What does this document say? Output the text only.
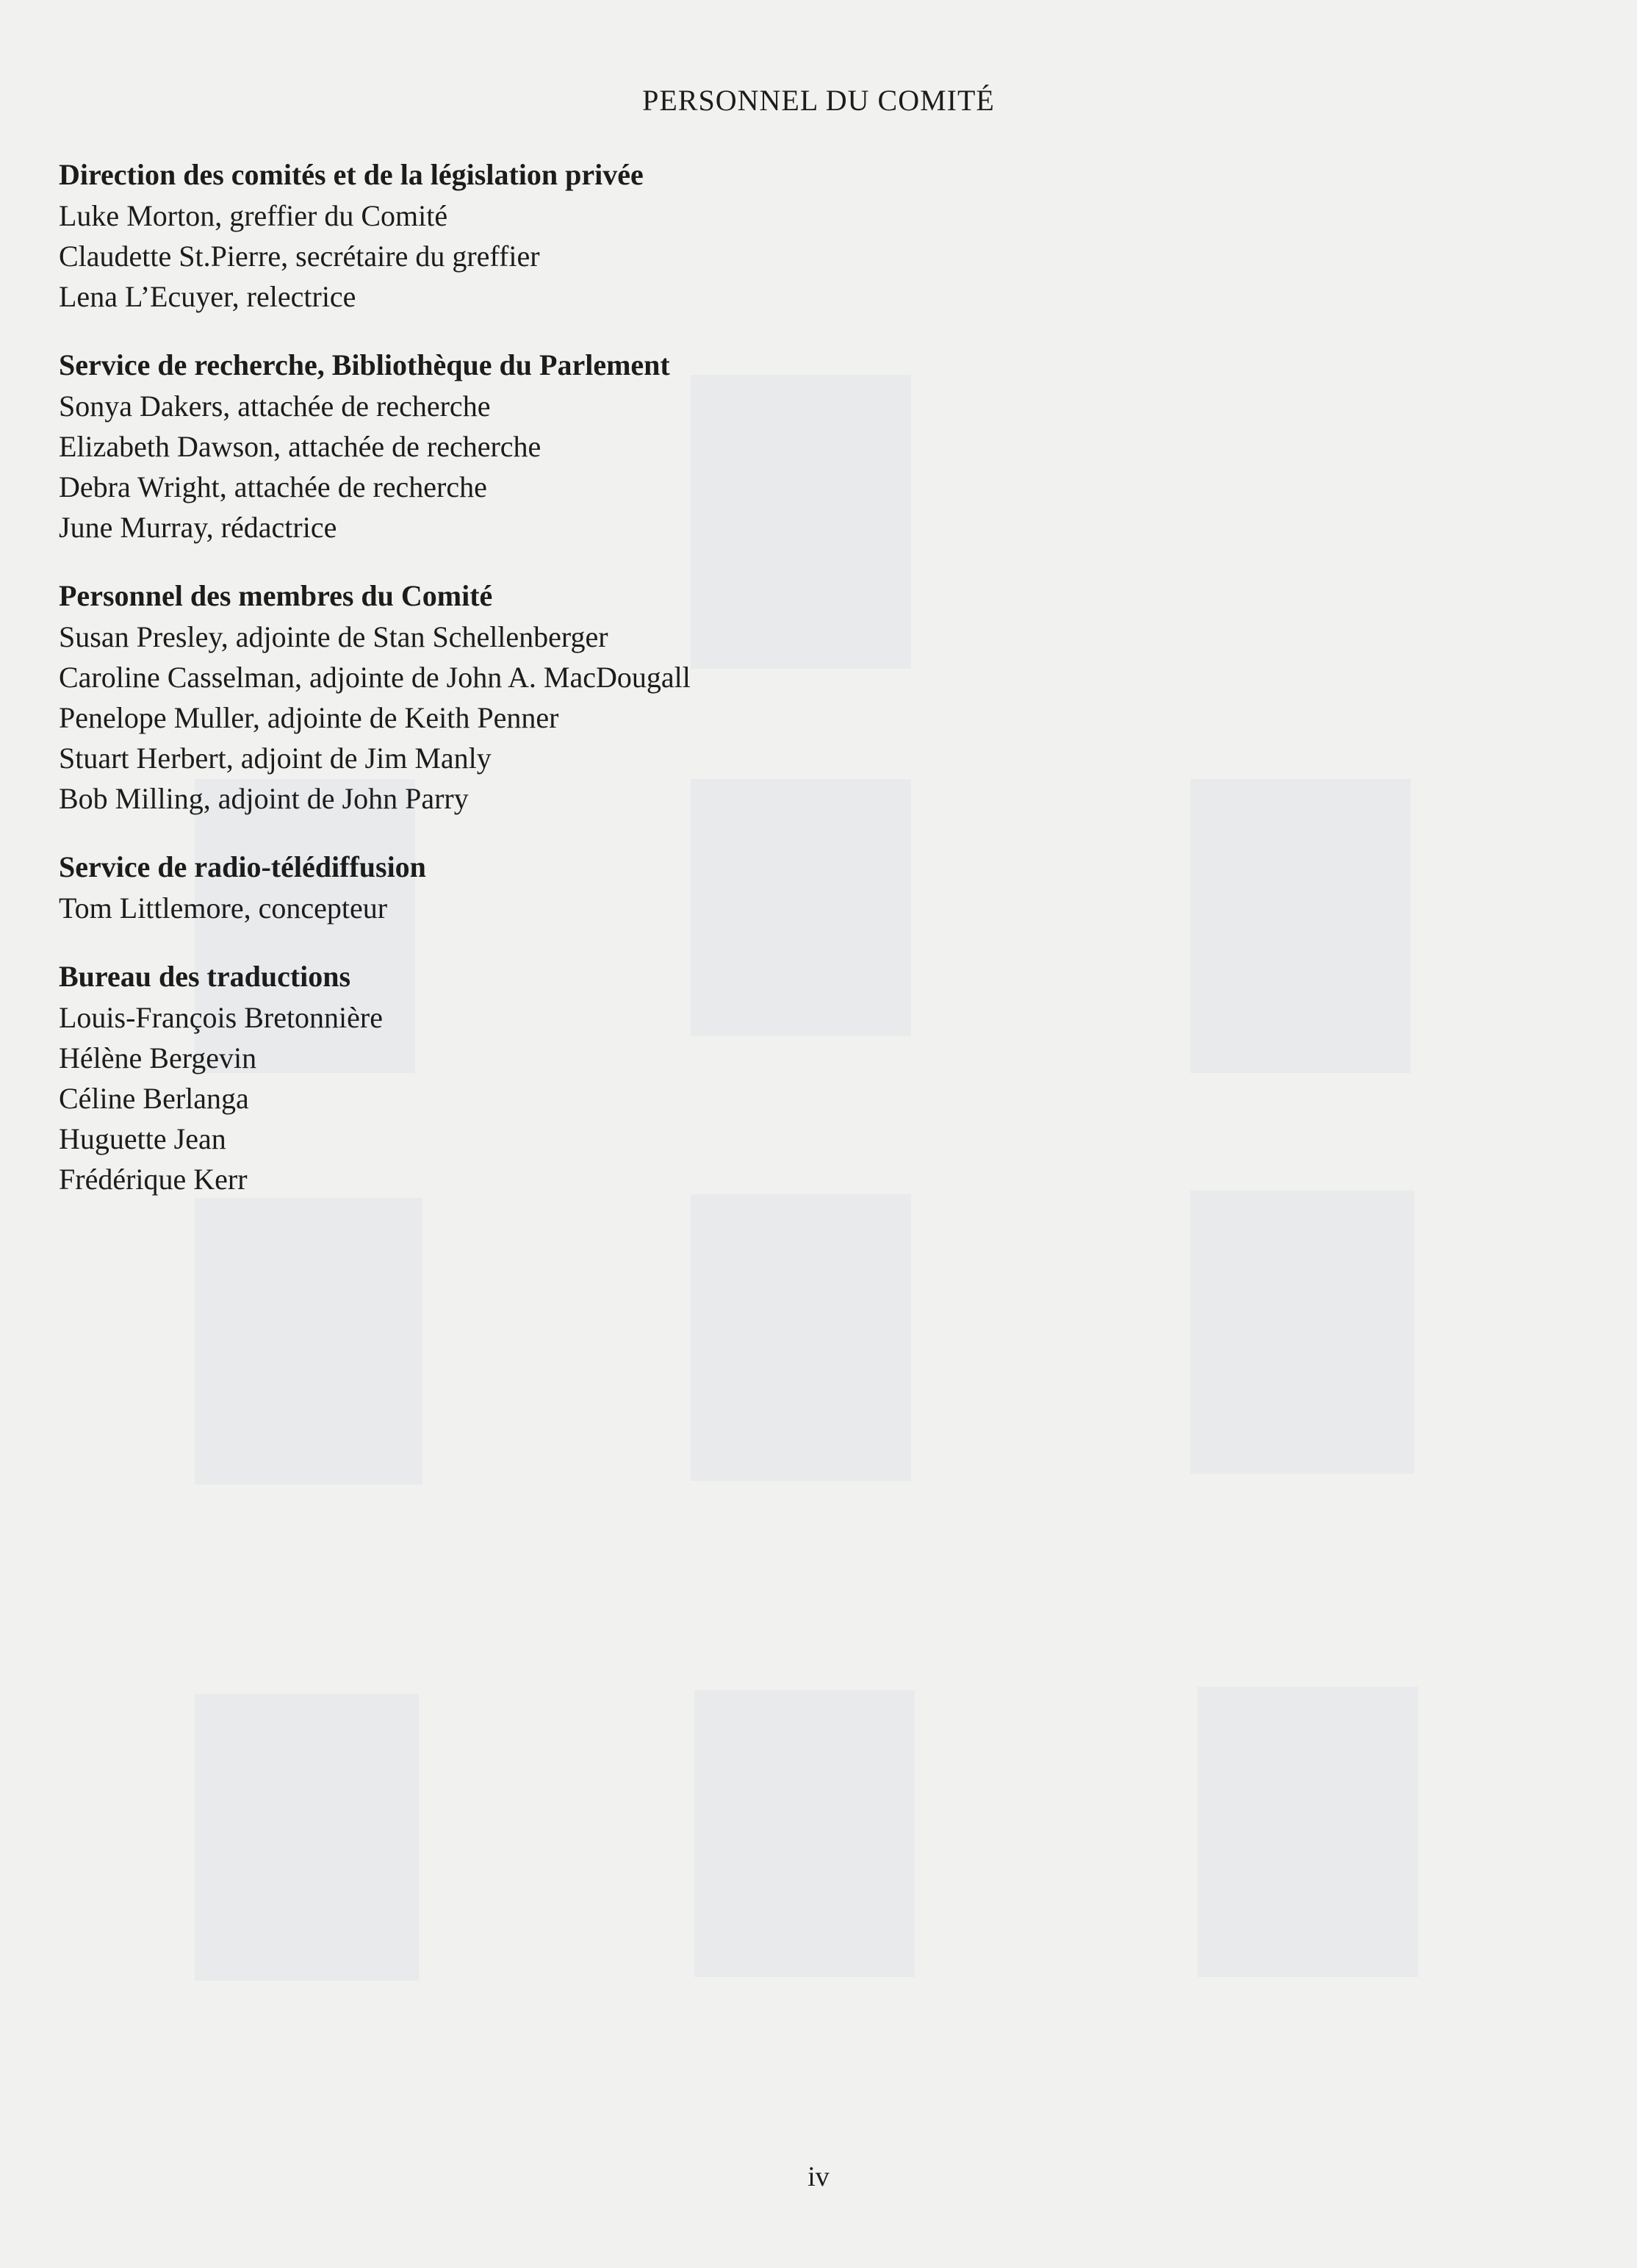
PERSONNEL DU COMITÉ
Direction des comités et de la législation privée
Luke Morton, greffier du Comité
Claudette St.Pierre, secrétaire du greffier
Lena L’Ecuyer, relectrice
Service de recherche, Bibliothèque du Parlement
Sonya Dakers, attachée de recherche
Elizabeth Dawson, attachée de recherche
Debra Wright, attachée de recherche
June Murray, rédactrice
Personnel des membres du Comité
Susan Presley, adjointe de Stan Schellenberger
Caroline Casselman, adjointe de John A. MacDougall
Penelope Muller, adjointe de Keith Penner
Stuart Herbert, adjoint de Jim Manly
Bob Milling, adjoint de John Parry
Service de radio-télédiffusion
Tom Littlemore, concepteur
Bureau des traductions
Louis-François Bretonnière
Hélène Bergevin
Céline Berlanga
Huguette Jean
Frédérique Kerr
iv
